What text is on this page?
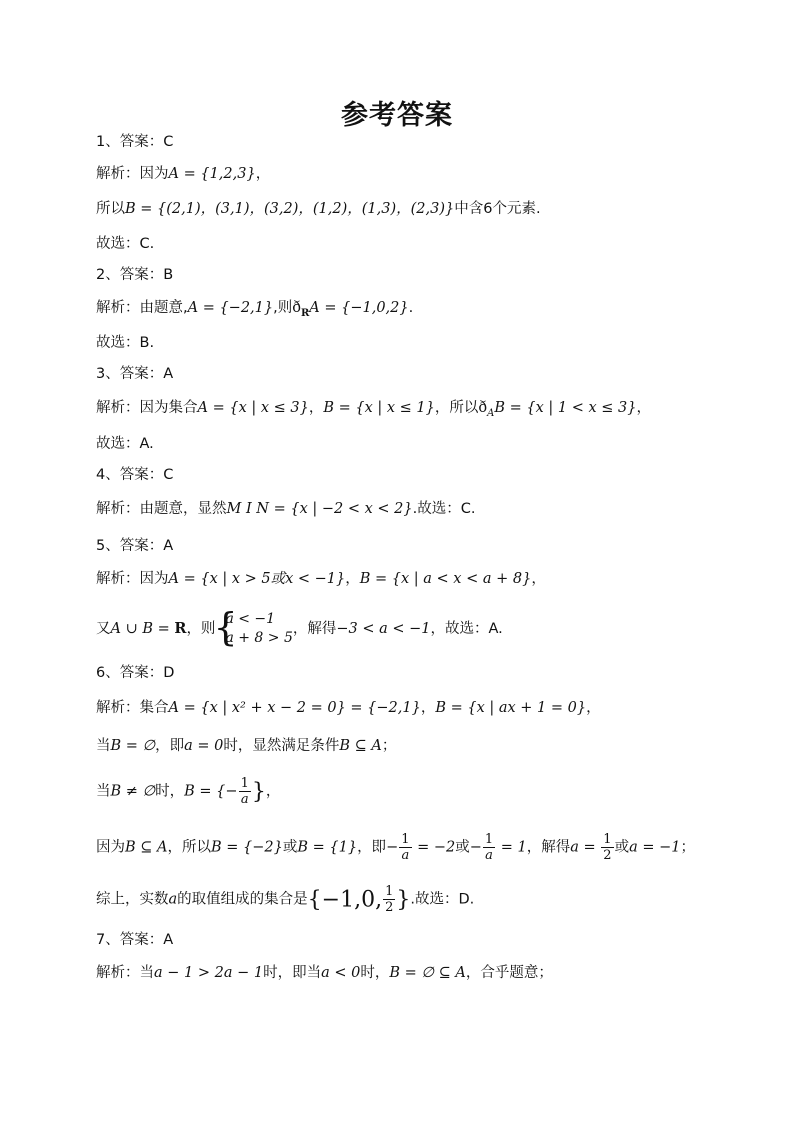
参考答案
1、答案：C
解析：因为A = {1,2,3}，
所以B = {(2,1)，(3,1)，(3,2)，(1,2)，(1,3)，(2,3)}中含6个元素.
故选：C.
2、答案：B
解析：由题意,A = {−2,1},则$ð_RA = \{-1,0,2\}$.
故选：B.
3、答案：A
解析：因为集合A = {x | x ≤ 3}，B = {x | x ≤ 1}，所以$ð_AB = \{x$ | 1 < x ≤ 3}，
故选：A.
4、答案：C
解析：由题意，显然M I N = {x | −2 < x < 2}.故选：C.
5、答案：A
解析：因为A = {x | x > 5或x < −1}，B = {x | a < x < a + 8}，
又A ∪ B = R，则
{
a < −1
a + 8 > 5
，解得−3 < a < −1，故选：A.
6、答案：D
解析：集合A = {x | x² + x − 2 = 0} = {−2,1}，B = {x | ax + 1 = 0}，
当B = ∅，即a = 0时，显然满足条件B ⊆ A；
当B ≠ ∅时，B = {− $\frac{1}{a}$ }，
因为B ⊆ A，所以B = {−2}或B = {1}，即− $\frac{1}{a} = -2$或− $\frac{1}{a} = 1$，解得$a = \frac{1}{2}$ 或a = −1；
综上，实数a的取值组成的集合是{−1,0, $\frac{1}{2}$ }.故选：D.
7、答案：A
解析：当a − 1 > 2a − 1时，即当a < 0时，B = ∅ ⊆ A，合乎题意；
